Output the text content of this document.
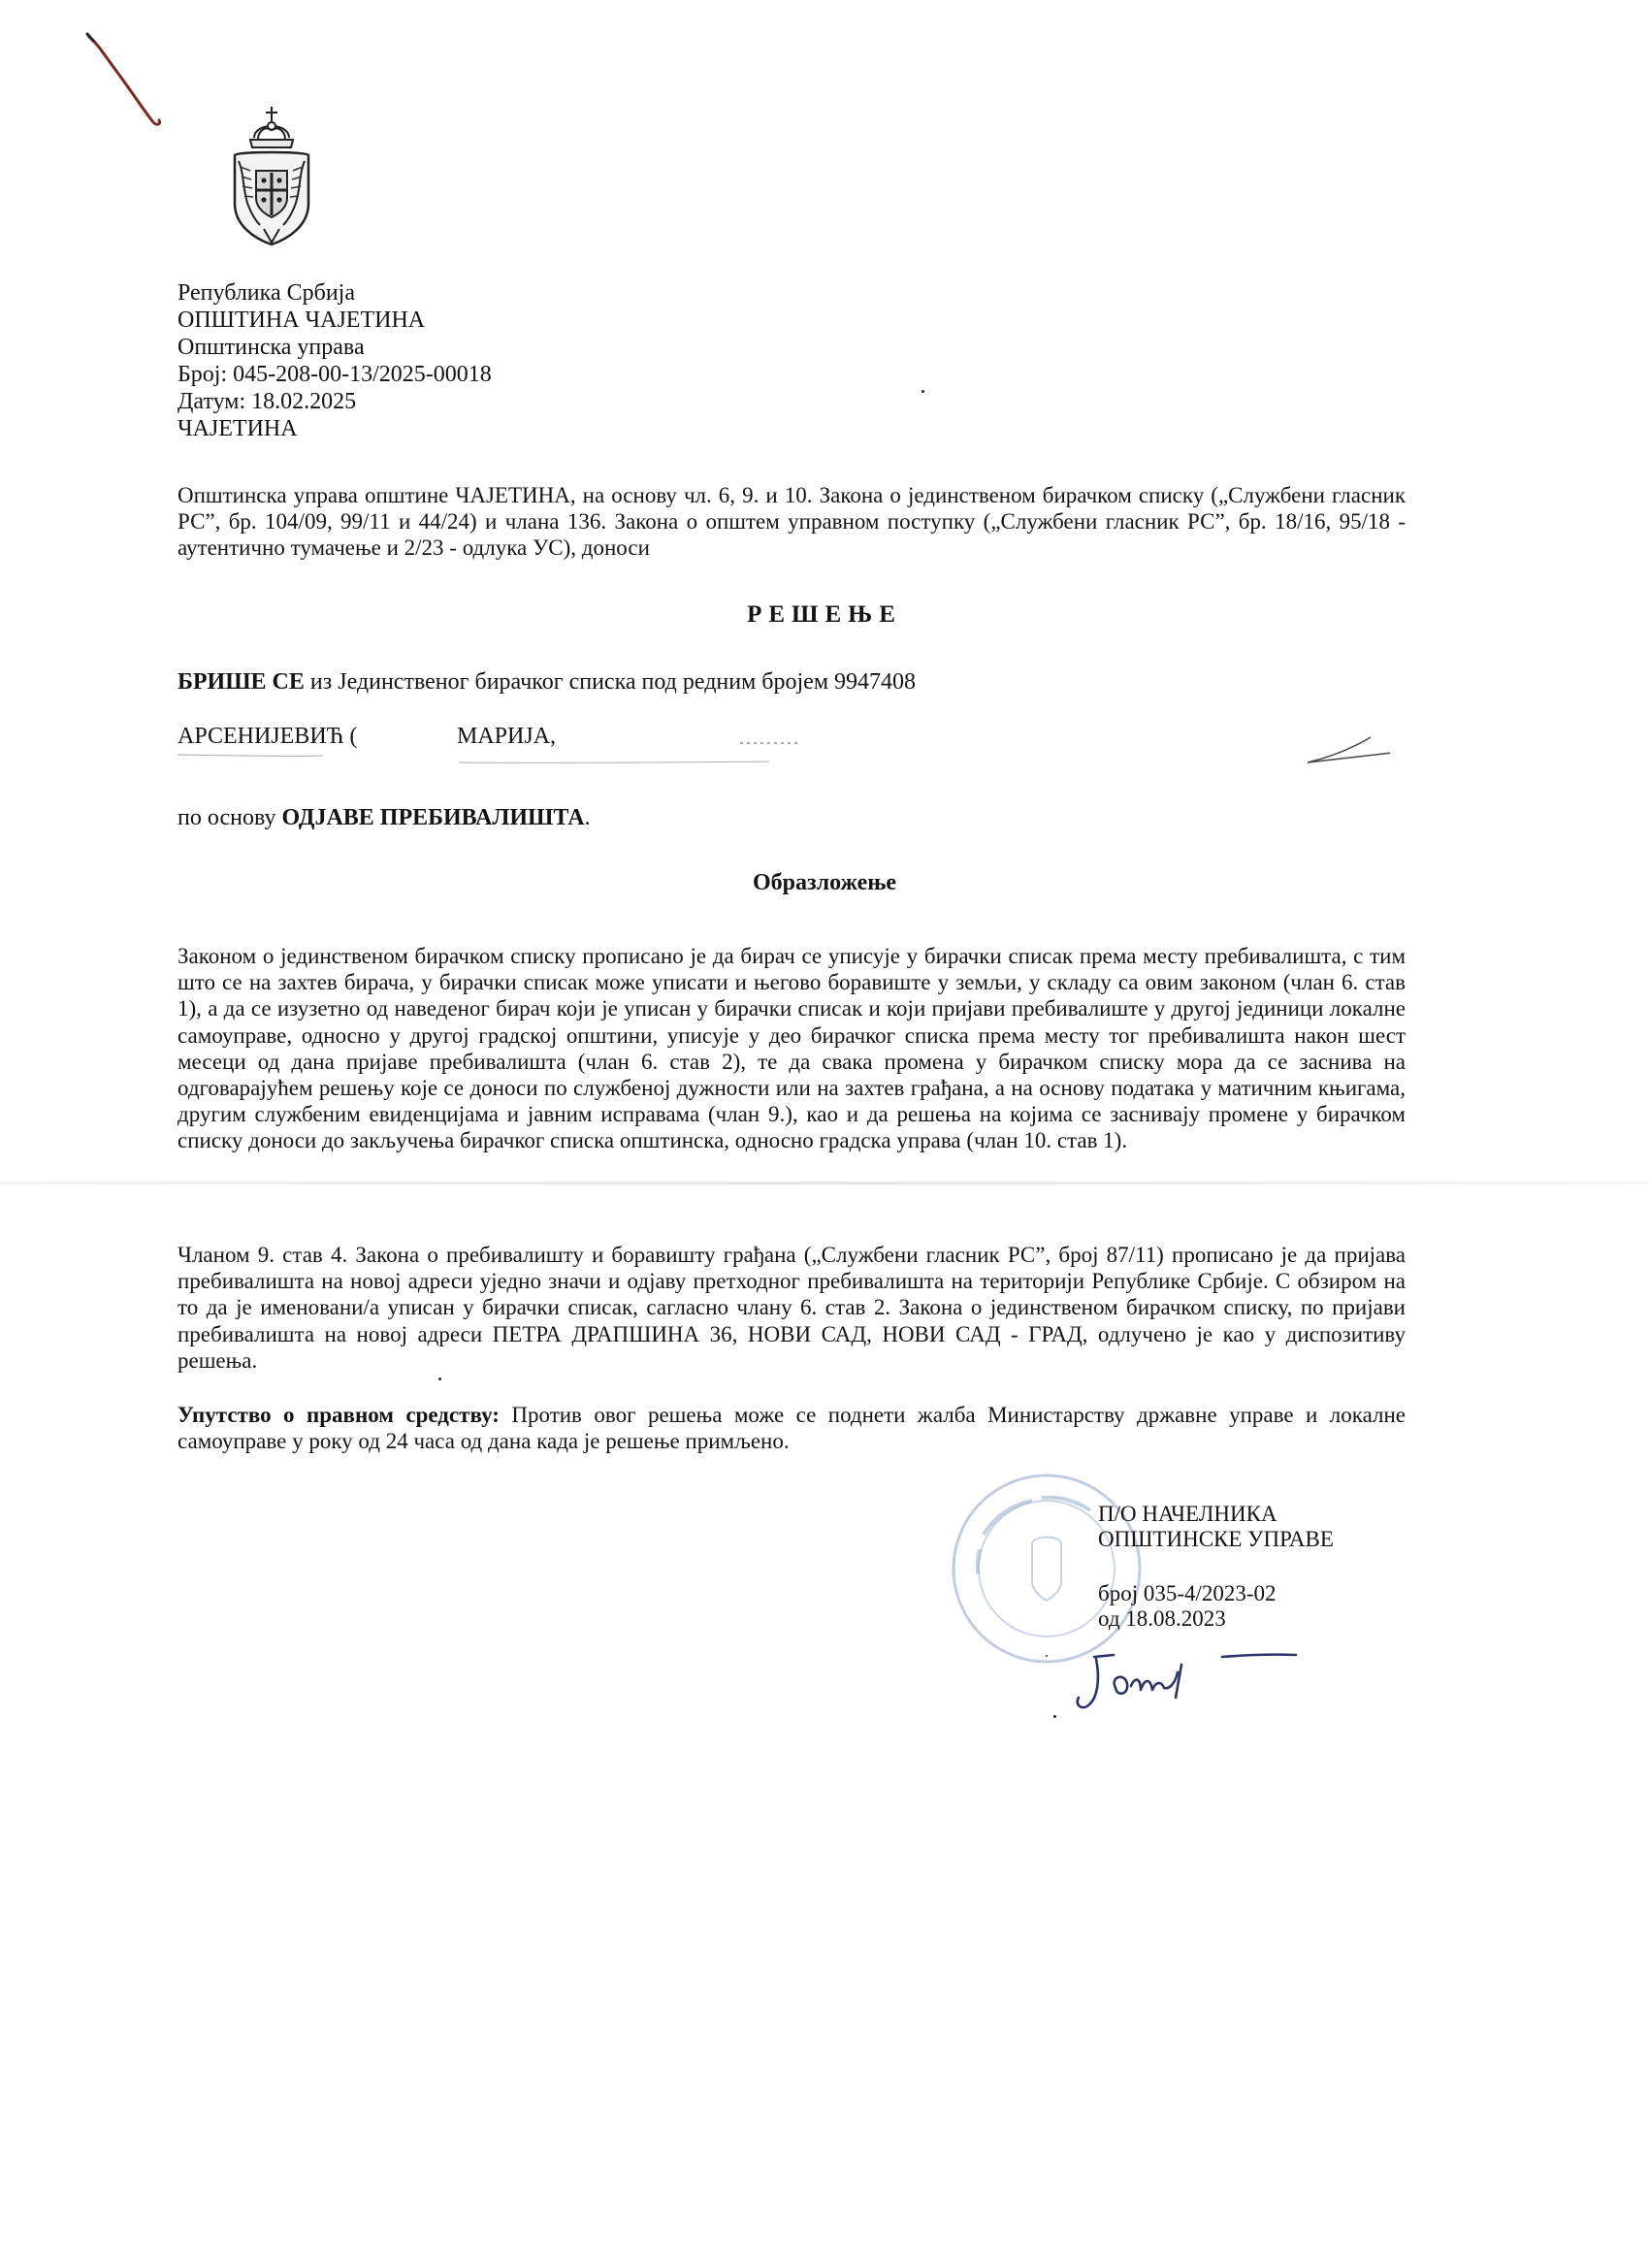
Република Србија
ОПШТИНА ЧАЈЕТИНА
Општинска управа
Број: 045-208-00-13/2025-00018
Датум: 18.02.2025
ЧАЈЕТИНА
Општинска управа општине ЧАЈЕТИНА, на основу чл. 6, 9. и 10. Закона о јединственом бирачком списку („Службени гласник РС”, бр. 104/09, 99/11 и 44/24) и члана 136. Закона о општем управном поступку („Службени гласник РС”, бр. 18/16, 95/18 - аутентично тумачење и 2/23 - одлука УС), доноси
РЕШЕЊЕ
БРИШЕ СЕ из Јединственог бирачког списка под редним бројем 9947408
АРСЕНИЈЕВИЋ (	МАРИЈА,
по основу ОДЈАВЕ ПРЕБИВАЛИШТА.
Образложење
Законом о јединственом бирачком списку прописано је да бирач се уписује у бирачки списак према месту пребивалишта, с тим што се на захтев бирача, у бирачки списак може уписати и његово боравиште у земљи, у складу са овим законом (члан 6. став 1), а да се изузетно од наведеног бирач који је уписан у бирачки списак и који пријави пребивалиште у другој јединици локалне самоуправе, односно у другој градској општини, уписује у део бирачког списка према месту тог пребивалишта након шест месеци од дана пријаве пребивалишта (члан 6. став 2), те да свака промена у бирачком списку мора да се заснива на одговарајућем решењу које се доноси по службеној дужности или на захтев грађана, а на основу података у матичним књигама, другим службеним евиденцијама и јавним исправама (члан 9.), као и да решења на којима се заснивају промене у бирачком списку доноси до закључења бирачког списка општинска, односно градска управа (члан 10. став 1).
Чланом 9. став 4. Закона о пребивалишту и боравишту грађана („Службени гласник РС”, број 87/11) прописано је да пријава пребивалишта на новој адреси уједно значи и одјаву претходног пребивалишта на територији Републике Србије. С обзиром на то да је именовани/а уписан у бирачки списак, сагласно члану 6. став 2. Закона о јединственом бирачком списку, по пријави пребивалишта на новој адреси ПЕТРА ДРАПШИНА 36, НОВИ САД, НОВИ САД - ГРАД, одлучено је као у диспозитиву решења.
Упутство о правном средству: Против овог решења може се поднети жалба Министарству државне управе и локалне самоуправе у року од 24 часа од дана када је решење примљено.
П/О НАЧЕЛНИКА
ОПШТИНСКЕ УПРАВЕ
број 035-4/2023-02
од 18.08.2023
